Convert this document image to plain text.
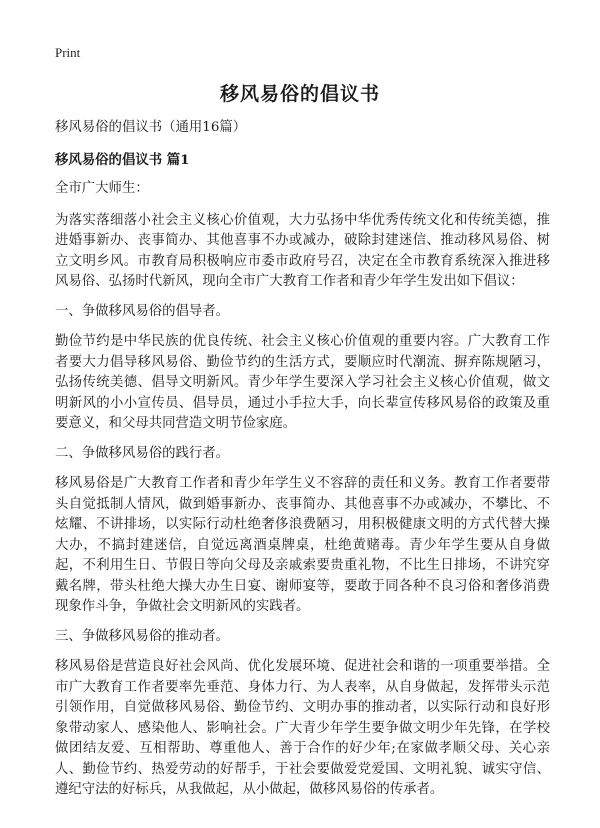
Print
移风易俗的倡议书

移风易俗的倡议书（通用16篇）

移风易俗的倡议书 篇1

全市广大师生：

为落实落细落小社会主义核心价值观，大力弘扬中华优秀传统文化和传统美德，推进婚事新办、丧事简办、其他喜事不办或减办，破除封建迷信、推动移风易俗、树立文明乡风。市教育局积极响应市委市政府号召，决定在全市教育系统深入推进移风易俗、弘扬时代新风，现向全市广大教育工作者和青少年学生发出如下倡议：

一、争做移风易俗的倡导者。

勤俭节约是中华民族的优良传统、社会主义核心价值观的重要内容。广大教育工作者要大力倡导移风易俗、勤俭节约的生活方式，要顺应时代潮流、摒弃陈规陋习，弘扬传统美德、倡导文明新风。青少年学生要深入学习社会主义核心价值观，做文明新风的小小宣传员、倡导员，通过小手拉大手，向长辈宣传移风易俗的政策及重要意义，和父母共同营造文明节俭家庭。

二、争做移风易俗的践行者。

移风易俗是广大教育工作者和青少年学生义不容辞的责任和义务。教育工作者要带头自觉抵制人情风，做到婚事新办、丧事简办、其他喜事不办或减办，不攀比、不炫耀、不讲排场，以实际行动杜绝奢侈浪费陋习，用积极健康文明的方式代替大操大办，不搞封建迷信，自觉远离酒桌牌桌，杜绝黄赌毒。青少年学生要从自身做起，不利用生日、节假日等向父母及亲戚索要贵重礼物，不比生日排场，不讲究穿戴名牌，带头杜绝大操大办生日宴、谢师宴等，要敢于同各种不良习俗和奢侈消费现象作斗争，争做社会文明新风的实践者。

三、争做移风易俗的推动者。

移风易俗是营造良好社会风尚、优化发展环境、促进社会和谐的一项重要举措。全市广大教育工作者要率先垂范、身体力行、为人表率，从自身做起，发挥带头示范引领作用，自觉做移风易俗、勤俭节约、文明办事的推动者，以实际行动和良好形象带动家人、感染他人、影响社会。广大青少年学生要争做文明少年先锋，在学校做团结友爱、互相帮助、尊重他人、善于合作的好少年;在家做孝顺父母、关心亲人、勤俭节约、热爱劳动的好帮手，于社会要做爱党爱国、文明礼貌、诚实守信、遵纪守法的好标兵，从我做起，从小做起，做移风易俗的传承者。
